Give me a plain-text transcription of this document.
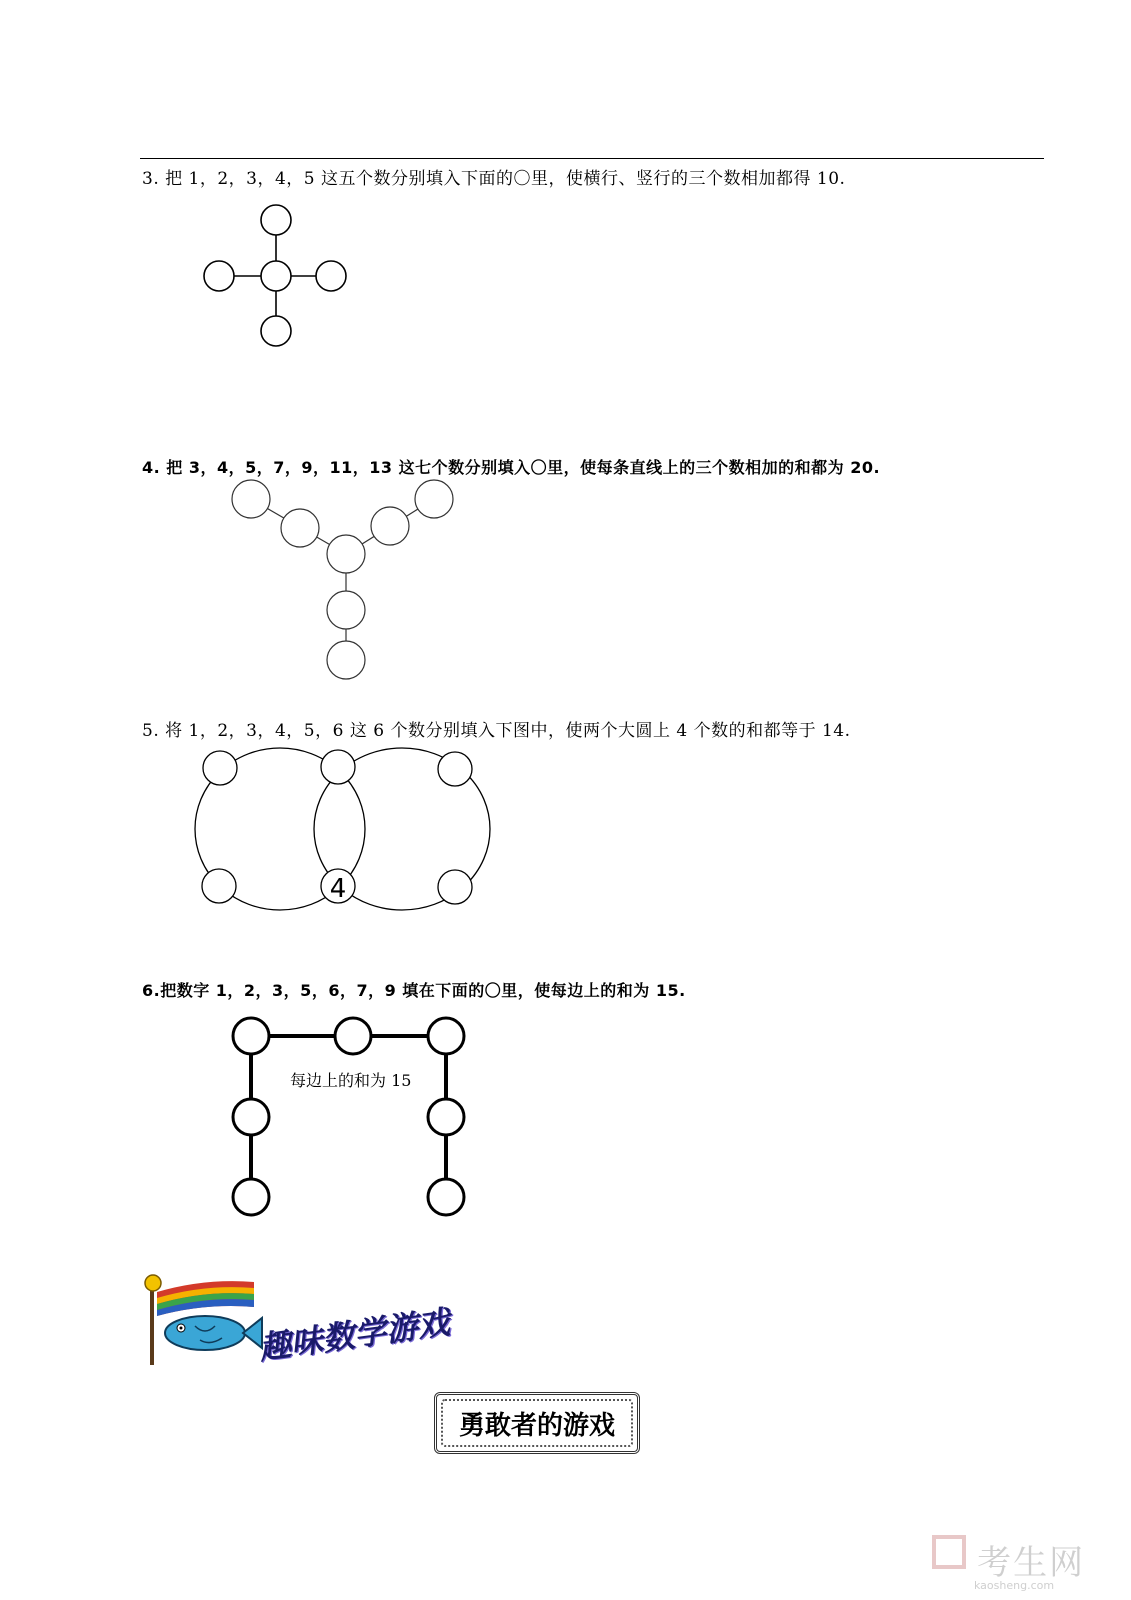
3. 把 1，2，3，4，5 这五个数分别填入下面的〇里，使横行、竖行的三个数相加都得 10.
4. 把 3，4，5，7，9，11，13 这七个数分别填入〇里，使每条直线上的三个数相加的和都为 20.
5. 将 1，2，3，4，5，6 这 6 个数分别填入下图中，使两个大圆上 4 个数的和都等于 14.
6.把数字 1，2，3，5，6，7，9 填在下面的〇里，使每边上的和为 15.
4
每边上的和为 15
趣味数学游戏
勇敢者的游戏
考生网
kaosheng.com
